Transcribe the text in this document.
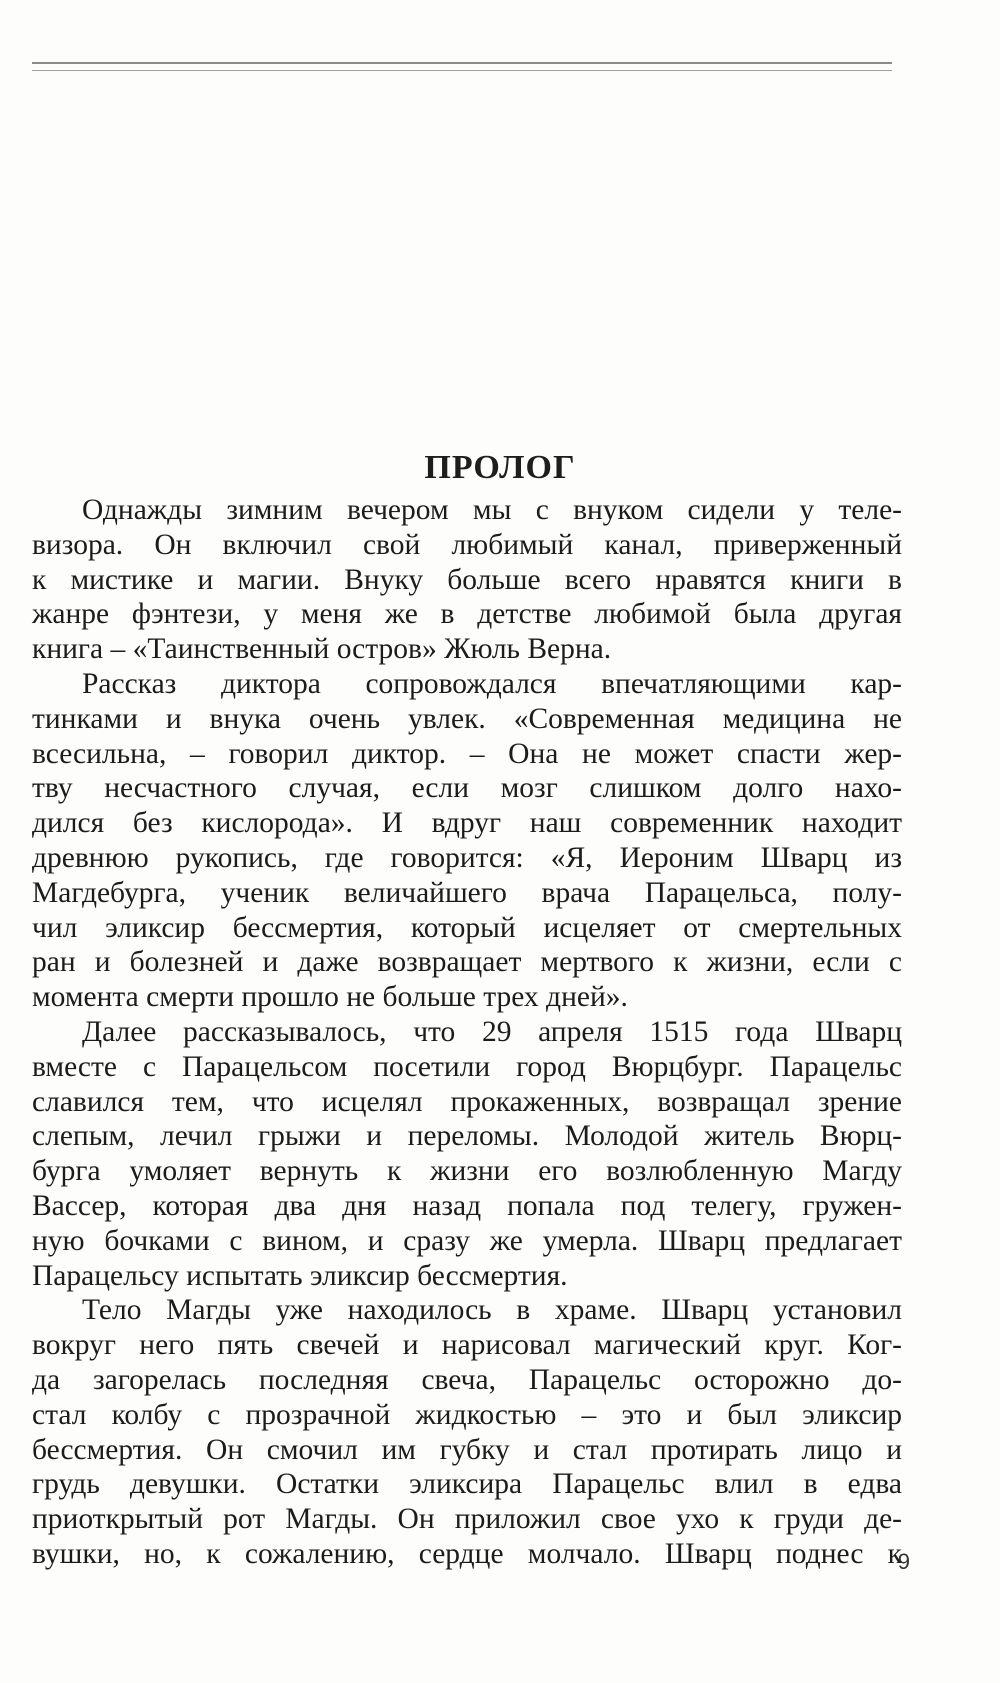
ПРОЛОГ
Однажды зимним вечером мы с внуком сидели у теле-
визора. Он включил свой любимый канал, приверженный
к мистике и магии. Внуку больше всего нравятся книги в
жанре фэнтези, у меня же в детстве любимой была другая
книга – «Таинственный остров» Жюль Верна.
Рассказ диктора сопровождался впечатляющими кар-
тинками и внука очень увлек. «Современная медицина не
всесильна, – говорил диктор. – Она не может спасти жер-
тву несчастного случая, если мозг слишком долго нахо-
дился без кислорода». И вдруг наш современник находит
древнюю рукопись, где говорится: «Я, Иероним Шварц из
Магдебурга, ученик величайшего врача Парацельса, полу-
чил эликсир бессмертия, который исцеляет от смертельных
ран и болезней и даже возвращает мертвого к жизни, если с
момента смерти прошло не больше трех дней».
Далее рассказывалось, что 29 апреля 1515 года Шварц
вместе с Парацельсом посетили город Вюрцбург. Парацельс
славился тем, что исцелял прокаженных, возвращал зрение
слепым, лечил грыжи и переломы. Молодой житель Вюрц-
бурга умоляет вернуть к жизни его возлюбленную Магду
Вассер, которая два дня назад попала под телегу, гружен-
ную бочками с вином, и сразу же умерла. Шварц предлагает
Парацельсу испытать эликсир бессмертия.
Тело Магды уже находилось в храме. Шварц установил
вокруг него пять свечей и нарисовал магический круг. Ког-
да загорелась последняя свеча, Парацельс осторожно до-
стал колбу с прозрачной жидкостью – это и был эликсир
бессмертия. Он смочил им губку и стал протирать лицо и
грудь девушки. Остатки эликсира Парацельс влил в едва
приоткрытый рот Магды. Он приложил свое ухо к груди де-
вушки, но, к сожалению, сердце молчало. Шварц поднес к
9
